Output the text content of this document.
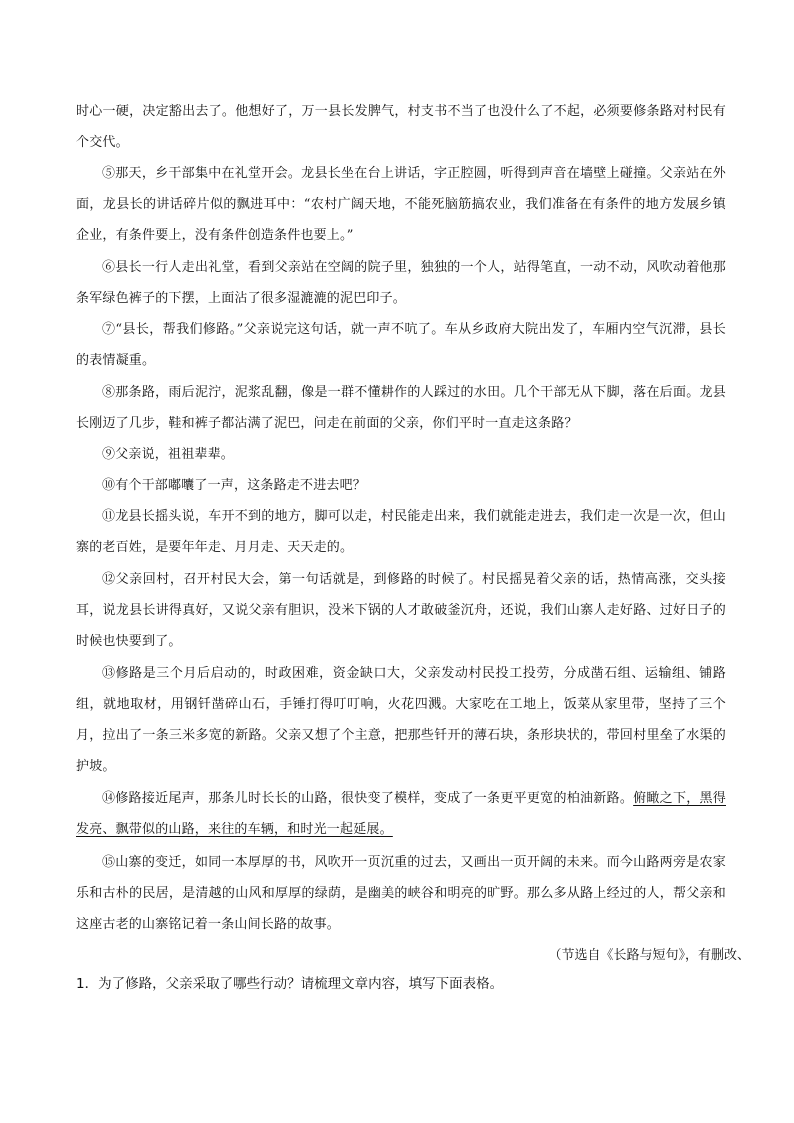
时心一硬，决定豁出去了。他想好了，万一县长发脾气，村支书不当了也没什么了不起，必须要修条路对村民有个交代。

⑤那天，乡干部集中在礼堂开会。龙县长坐在台上讲话，字正腔圆，听得到声音在墙壁上碰撞。父亲站在外面，龙县长的讲话碎片似的飘进耳中：“农村广阔天地，不能死脑筋搞农业，我们准备在有条件的地方发展乡镇企业，有条件要上，没有条件创造条件也要上。”

⑥县长一行人走出礼堂，看到父亲站在空阔的院子里，独独的一个人，站得笔直，一动不动，风吹动着他那条军绿色裤子的下摆，上面沾了很多湿漉漉的泥巴印子。

⑦“县长，帮我们修路。”父亲说完这句话，就一声不吭了。车从乡政府大院出发了，车厢内空气沉滞，县长的表情凝重。

⑧那条路，雨后泥泞，泥浆乱翻，像是一群不懂耕作的人踩过的水田。几个干部无从下脚，落在后面。龙县长刚迈了几步，鞋和裤子都沾满了泥巴，问走在前面的父亲，你们平时一直走这条路？

⑨父亲说，祖祖辈辈。

⑩有个干部嘟囔了一声，这条路走不进去吧？

⑪龙县长摇头说，车开不到的地方，脚可以走，村民能走出来，我们就能走进去，我们走一次是一次，但山寨的老百姓，是要年年走、月月走、天天走的。

⑫父亲回村，召开村民大会，第一句话就是，到修路的时候了。村民摇晃着父亲的话，热情高涨，交头接耳，说龙县长讲得真好，又说父亲有胆识，没米下锅的人才敢破釜沉舟，还说，我们山寨人走好路、过好日子的时候也快要到了。

⑬修路是三个月后启动的，时政困难，资金缺口大，父亲发动村民投工投劳，分成凿石组、运输组、铺路组，就地取材，用钢钎凿碎山石，手锤打得叮叮响，火花四溅。大家吃在工地上，饭菜从家里带，坚持了三个月，拉出了一条三米多宽的新路。父亲又想了个主意，把那些钎开的薄石块，条形块状的，带回村里垒了水渠的护坡。

⑭修路接近尾声，那条儿时长长的山路，很快变了模样，变成了一条更平更宽的柏油新路。俯瞰之下，黑得发亮、飘带似的山路，来往的车辆，和时光一起延展。

⑮山寨的变迁，如同一本厚厚的书，风吹开一页沉重的过去，又画出一页开阔的未来。而今山路两旁是农家乐和古朴的民居，是清越的山风和厚厚的绿荫，是幽美的峡谷和明亮的旷野。那么多从路上经过的人，帮父亲和这座古老的山寨铭记着一条山间长路的故事。

（节选自《长路与短句》，有删改、

1．为了修路，父亲采取了哪些行动？请梳理文章内容，填写下面表格。
